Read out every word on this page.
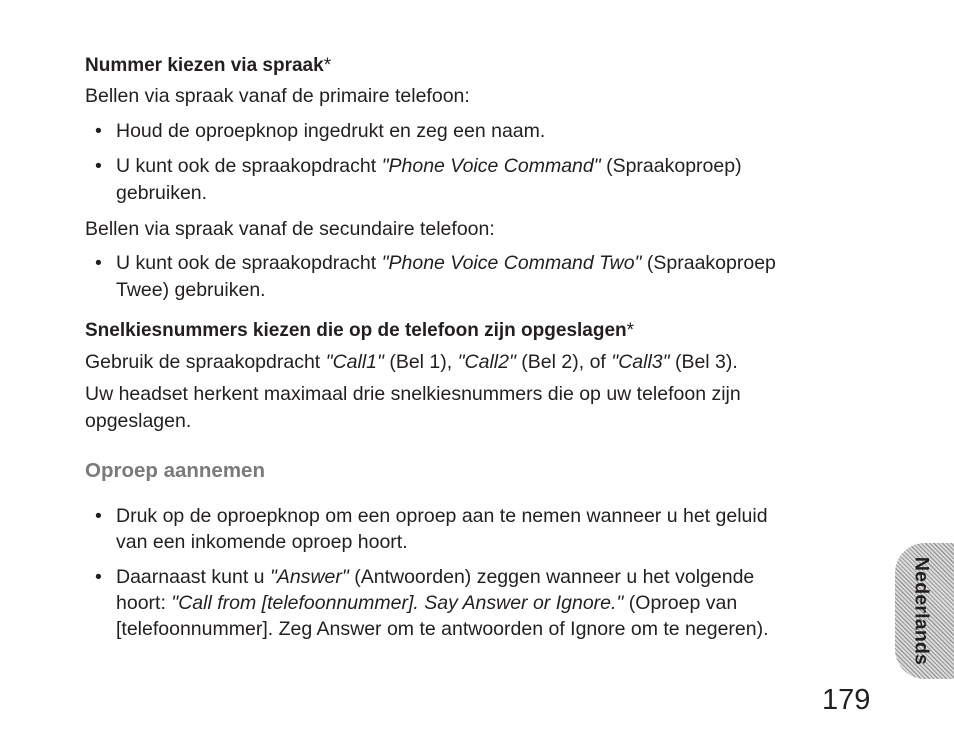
Nummer kiezen via spraak*
Bellen via spraak vanaf de primaire telefoon:
• Houd de oproepknop ingedrukt en zeg een naam.
• U kunt ook de spraakopdracht "Phone Voice Command" (Spraakoproep)
gebruiken.
Bellen via spraak vanaf de secundaire telefoon:
• U kunt ook de spraakopdracht "Phone Voice Command Two" (Spraakoproep
Twee) gebruiken.
Snelkiesnummers kiezen die op de telefoon zijn opgeslagen*
Gebruik de spraakopdracht "Call1" (Bel 1), "Call2" (Bel 2), of "Call3" (Bel 3).
Uw headset herkent maximaal drie snelkiesnummers die op uw telefoon zijn
opgeslagen.
Oproep aannemen
• Druk op de oproepknop om een oproep aan te nemen wanneer u het geluid
van een inkomende oproep hoort.
• Daarnaast kunt u "Answer" (Antwoorden) zeggen wanneer u het volgende
hoort: "Call from [telefoonnummer]. Say Answer or Ignore." (Oproep van
[telefoonnummer]. Zeg Answer om te antwoorden of Ignore om te negeren).	Nederlands
179
